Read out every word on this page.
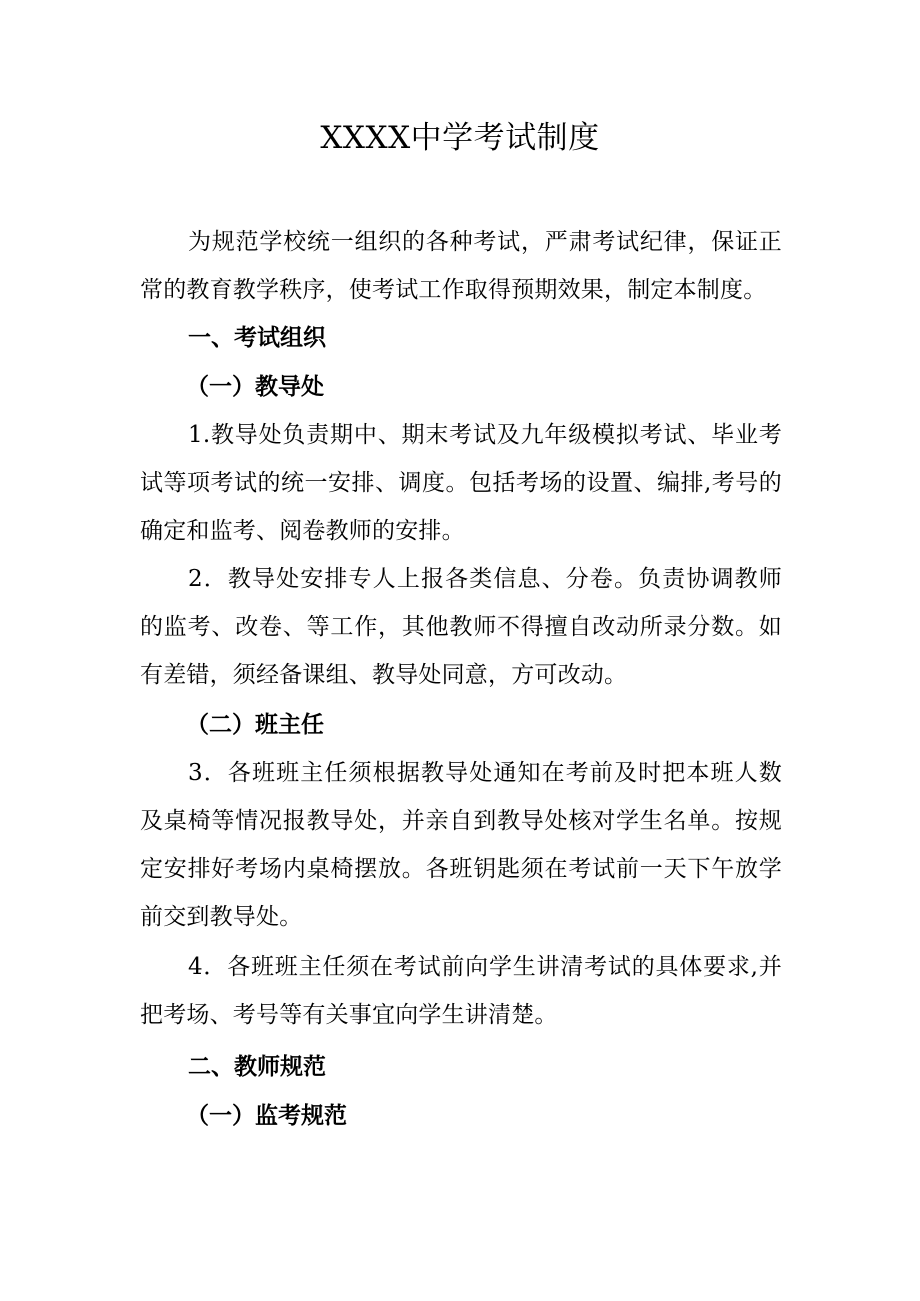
XXXX中学考试制度

为规范学校统一组织的各种考试，严肃考试纪律，保证正常的教育教学秩序，使考试工作取得预期效果，制定本制度。

一、考试组织

（一）教导处

1.教导处负责期中、期末考试及九年级模拟考试、毕业考试等项考试的统一安排、调度。包括考场的设置、编排,考号的确定和监考、阅卷教师的安排。

2．教导处安排专人上报各类信息、分卷。负责协调教师的监考、改卷、等工作，其他教师不得擅自改动所录分数。如有差错，须经备课组、教导处同意，方可改动。

（二）班主任

3．各班班主任须根据教导处通知在考前及时把本班人数及桌椅等情况报教导处，并亲自到教导处核对学生名单。按规定安排好考场内桌椅摆放。各班钥匙须在考试前一天下午放学前交到教导处。

4．各班班主任须在考试前向学生讲清考试的具体要求,并把考场、考号等有关事宜向学生讲清楚。

二、教师规范

（一）监考规范
